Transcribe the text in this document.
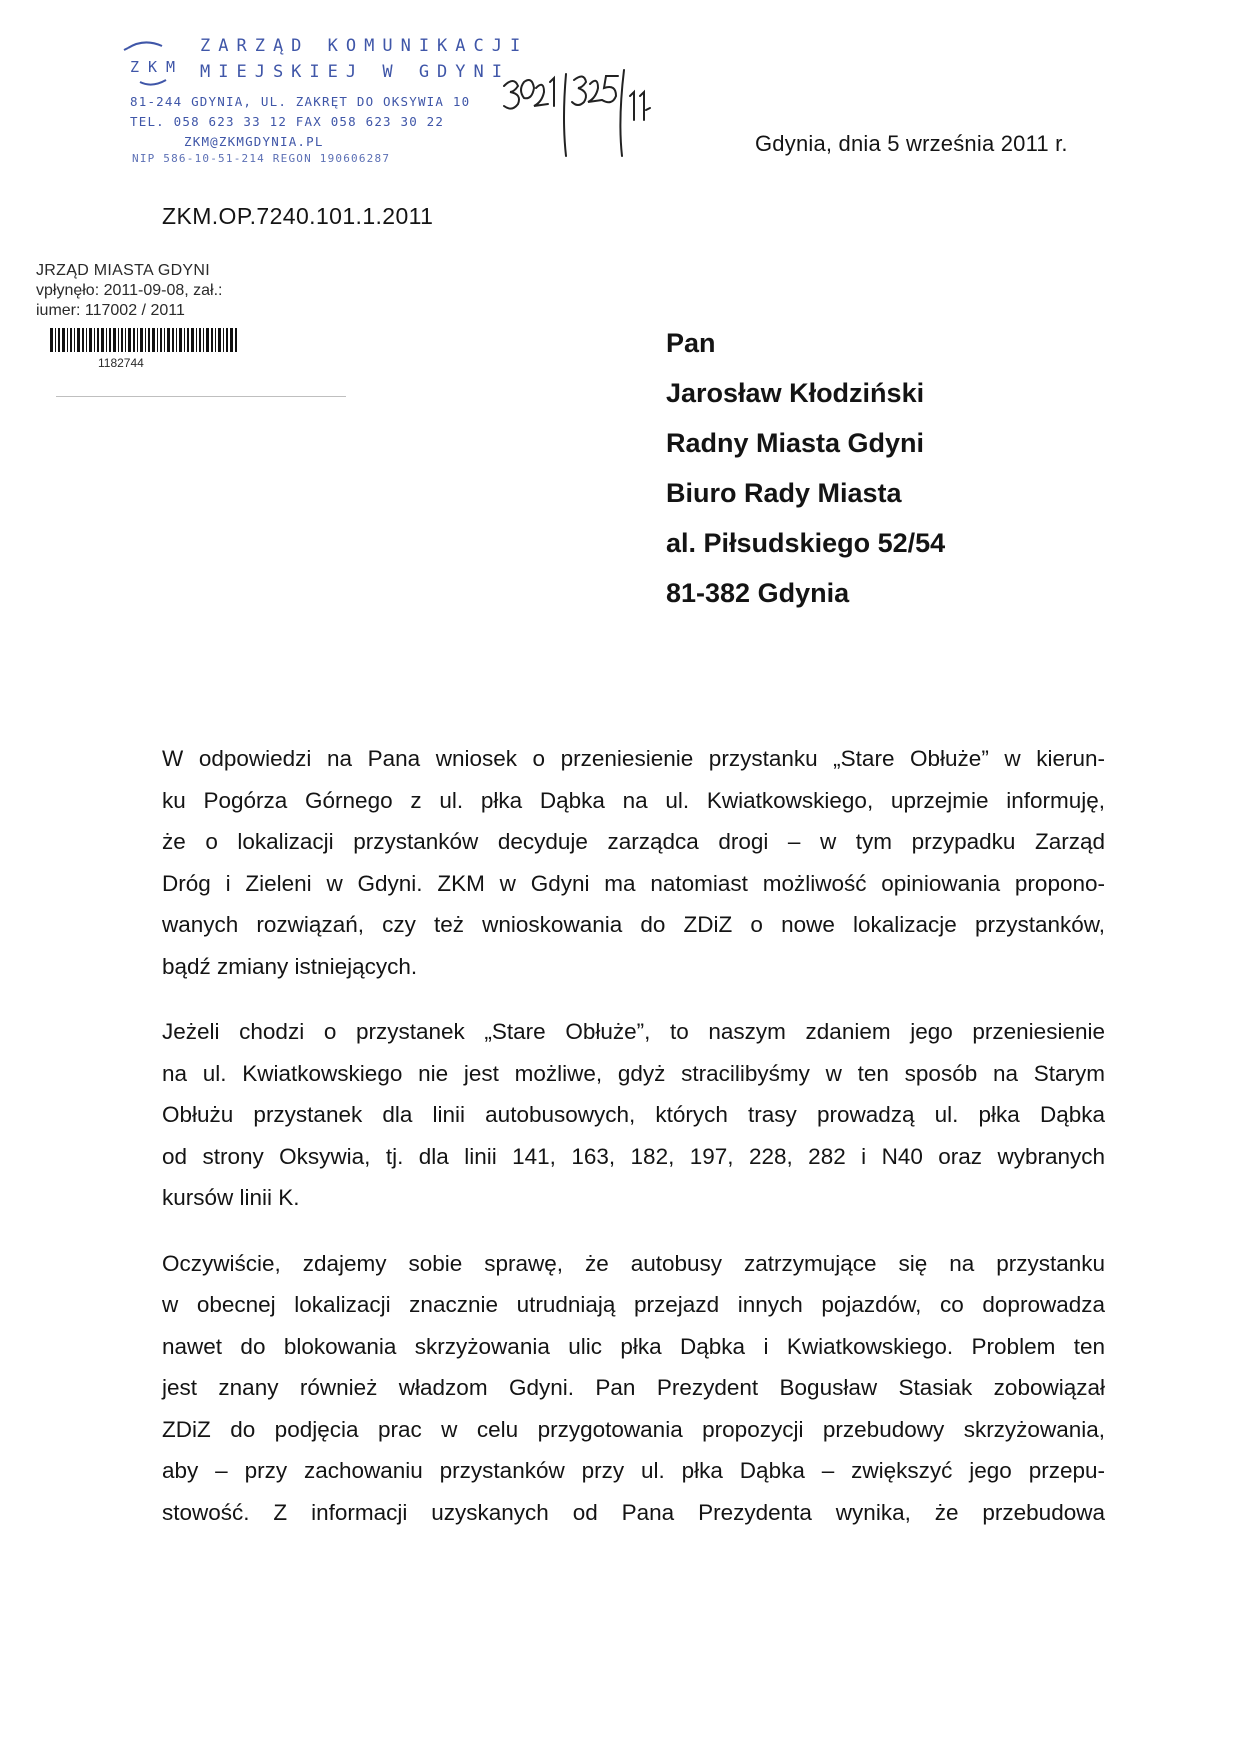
ZARZĄD KOMUNIKACJI
ZKM MIEJSKIEJ W GDYNI
81-244 GDYNIA, UL. ZAKRĘT DO OKSYWIA 10
TEL. 058 623 33 12 FAX 058 623 30 22
ZKM@ZKMGDYNIA.PL
NIP 586-10-51-214 REGON 190606287
Gdynia, dnia 5 września 2011 r.
ZKM.OP.7240.101.1.2011
JRZĄD MIASTA GDYNI
vpłynęło: 2011-09-08, zał.:
iumer: 117002 / 2011
1182744
Pan
Jarosław Kłodziński
Radny Miasta Gdyni
Biuro Rady Miasta
al. Piłsudskiego 52/54
81-382 Gdynia
W odpowiedzi na Pana wniosek o przeniesienie przystanku „Stare Obłuże” w kierun-
ku Pogórza Górnego z ul. płka Dąbka na ul. Kwiatkowskiego, uprzejmie informuję,
że o lokalizacji przystanków decyduje zarządca drogi – w tym przypadku Zarząd
Dróg i Zieleni w Gdyni. ZKM w Gdyni ma natomiast możliwość opiniowania propono-
wanych rozwiązań, czy też wnioskowania do ZDiZ o nowe lokalizacje przystanków,
bądź zmiany istniejących.
Jeżeli chodzi o przystanek „Stare Obłuże”, to naszym zdaniem jego przeniesienie
na ul. Kwiatkowskiego nie jest możliwe, gdyż stracilibyśmy w ten sposób na Starym
Obłużu przystanek dla linii autobusowych, których trasy prowadzą ul. płka Dąbka
od strony Oksywia, tj. dla linii 141, 163, 182, 197, 228, 282 i N40 oraz wybranych
kursów linii K.
Oczywiście, zdajemy sobie sprawę, że autobusy zatrzymujące się na przystanku
w obecnej lokalizacji znacznie utrudniają przejazd innych pojazdów, co doprowadza
nawet do blokowania skrzyżowania ulic płka Dąbka i Kwiatkowskiego. Problem ten
jest znany również władzom Gdyni. Pan Prezydent Bogusław Stasiak zobowiązał
ZDiZ do podjęcia prac w celu przygotowania propozycji przebudowy skrzyżowania,
aby – przy zachowaniu przystanków przy ul. płka Dąbka – zwiększyć jego przepu-
stowość. Z informacji uzyskanych od Pana Prezydenta wynika, że przebudowa
